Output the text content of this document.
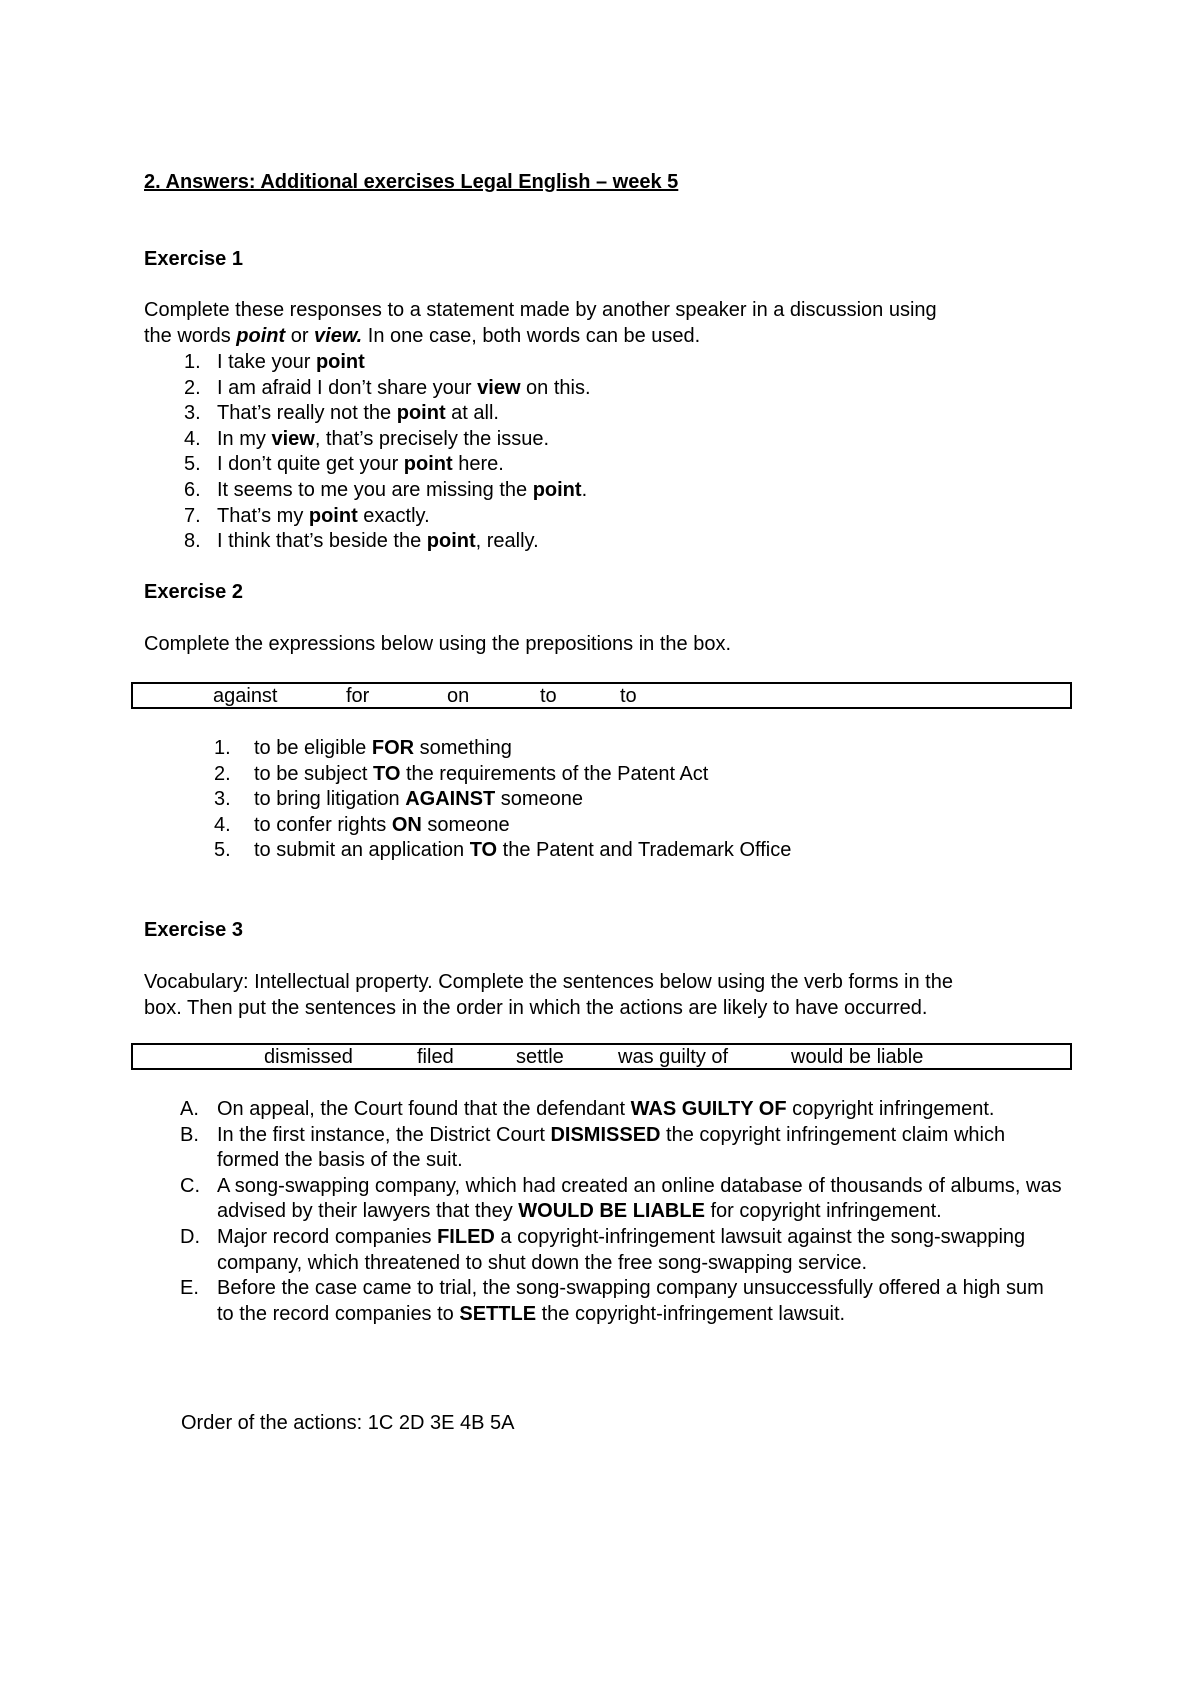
2. Answers: Additional exercises Legal English – week 5
Exercise 1
Complete these responses to a statement made by another speaker in a discussion using
the words point or view. In one case, both words can be used.
1. I take your point
2. I am afraid I don’t share your view on this.
3. That’s really not the point at all.
4. In my view, that’s precisely the issue.
5. I don’t quite get your point here.
6. It seems to me you are missing the point.
7. That’s my point exactly.
8. I think that’s beside the point, really.
Exercise 2
Complete the expressions below using the prepositions in the box.
against	for	on	to	to
1.	to be eligible FOR something
2.	to be subject TO the requirements of the Patent Act
3.	to bring litigation AGAINST someone
4.	to confer rights ON someone
5.	to submit an application TO the Patent and Trademark Office
Exercise 3
Vocabulary: Intellectual property. Complete the sentences below using the verb forms in the
box. Then put the sentences in the order in which the actions are likely to have occurred.
dismissed	filed	settle	was guilty of	would be liable
A. On appeal, the Court found that the defendant WAS GUILTY OF copyright infringement.
B. In the first instance, the District Court DISMISSED the copyright infringement claim which formed the basis of the suit.
C. A song-swapping company, which had created an online database of thousands of albums, was advised by their lawyers that they WOULD BE LIABLE for copyright infringement.
D. Major record companies FILED a copyright-infringement lawsuit against the song-swapping company, which threatened to shut down the free song-swapping service.
E. Before the case came to trial, the song-swapping company unsuccessfully offered a high sum to the record companies to SETTLE the copyright-infringement lawsuit.
Order of the actions: 1C 2D 3E 4B 5A
